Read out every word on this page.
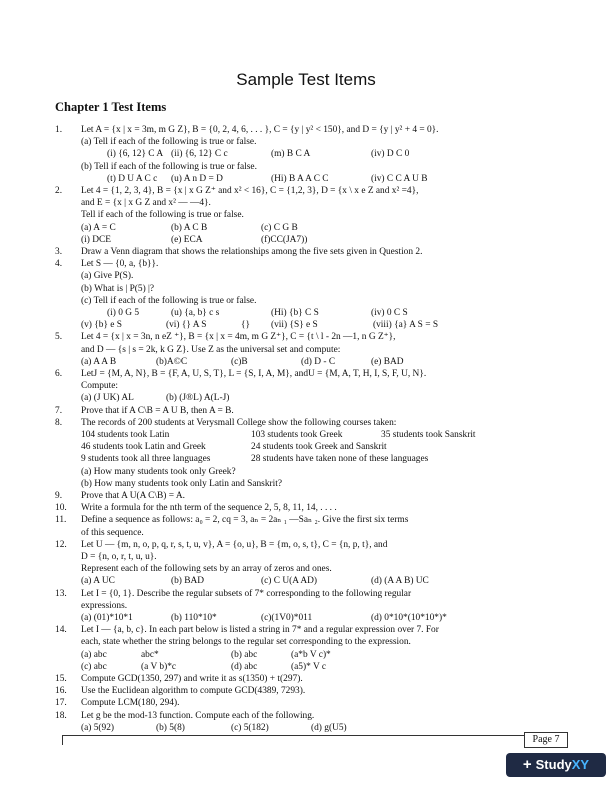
Sample Test Items
Chapter 1 Test Items
1.	Let A = {x | x = 3m, m G Z}, B = {0, 2, 4, 6, . . . }, C = {y | y² < 150}, and D = {y | y² + 4 = 0}.
(a) Tell if each of the following is true or false.
(i) {6, 12} C A (ii) {6, 12} C c	(m) B C A	(iv) D C 0
(b) Tell if each of the following is true or false.
(t) D U A C c (u) A n D = D	(Hi) B A A C C	(iv) C C A U B
2.	Let 4 = {1, 2, 3, 4}, B = {x | x G Z⁺ and x² < 16}, C = {1,2, 3}, D = {x \ x e Z and x² =4},
and E = {x | x G Z and x² — —4}.
Tell if each of the following is true or false.
(a) A = C	(b) A C B	(c) C G B
(i) DCE	(e) ECA	(f)CC(JA7))
3.	Draw a Venn diagram that shows the relationships among the five sets given in Question 2.
4.	Let S — {0, a, {b}}.
(a) Give P(S).
(b) What is | P(5) |?
(c) Tell if each of the following is true or false.
(i) 0 G 5	(u) {a, b} c s	(Hi) {b} C S	(iv) 0 C S
(v) {b} e S	(vi) {} A S	{} (vii) {S} e S	(viii) {a} A S = S
5.	Let 4 = {x | x = 3n, n eZ ⁺}, B = {x | x = 4m, m G Z⁺}, C = {t \ l - 2n —1, n G Z⁺},
and D — {s | s = 2k, k G Z}. Use Z as the universal set and compute:
(a) A A B	(b)A©C	(c)B	(d) D - C	(e) BAD
6.	LetJ = {M, A, N}, B = {F, A, U, S, T}, L = {S, I, A, M}, andU = {M, A, T, H, I, S, F, U, N}.
Compute:
(a) (J UK) AL	(b) (J®L) A(L-J)
7.	Prove that if A C\B = A U B, then A = B.
8.	The records of 200 students at Verysmall College show the following courses taken:
104 students took Latin	103 students took Greek	35 students took Sanskrit
46 students took Latin and Greek	24 students took Greek and Sanskrit
9 students took all three languages	28 students have taken none of these languages
(a) How many students took only Greek?
(b) How many students took only Latin and Sanskrit?
9.	Prove that A U(A C\B) = A.
10.	Write a formula for the nth term of the sequence 2, 5, 8, 11, 14, . . . .
11.	Define a sequence as follows: a₀ = 2, cq = 3, aₙ = 2aₙ ₁ —Saₙ ₂. Give the first six terms
of this sequence.
12.	Let U — {m, n, o, p, q, r, s, t, u, v}, A = {o, u}, B = {m, o, s, t}, C = {n, p, t}, and
D = {n, o, r, t, u, u}.
Represent each of the following sets by an array of zeros and ones.
(a) A UC	(b) BAD	(c) C U(A AD)	(d) (A A B) UC
13.	Let I = {0, 1}. Describe the regular subsets of 7* corresponding to the following regular
expressions.
(a) (01)*10*1	(b) 110*10*	(c)(1V0)*011	(d) 0*10*(10*10*)*
14.	Let I — {a, b, c}. In each part below is listed a string in 7* and a regular expression over 7. For
each, state whether the string belongs to the regular set corresponding to the expression.
(a) abc	abc*	(b) abc	(a*b V c)*
(c) abc	(a V b)*c	(d) abc	(a5)* V c
15.	Compute GCD(1350, 297) and write it as s(1350) + t(297).
16.	Use the Euclidean algorithm to compute GCD(4389, 7293).
17.	Compute LCM(180, 294).
18.	Let g be the mod-13 function. Compute each of the following.
(a) 5(92)	(b) 5(8)	(c) 5(182)	(d) g(U5)
Page 7
+ StudyXY
